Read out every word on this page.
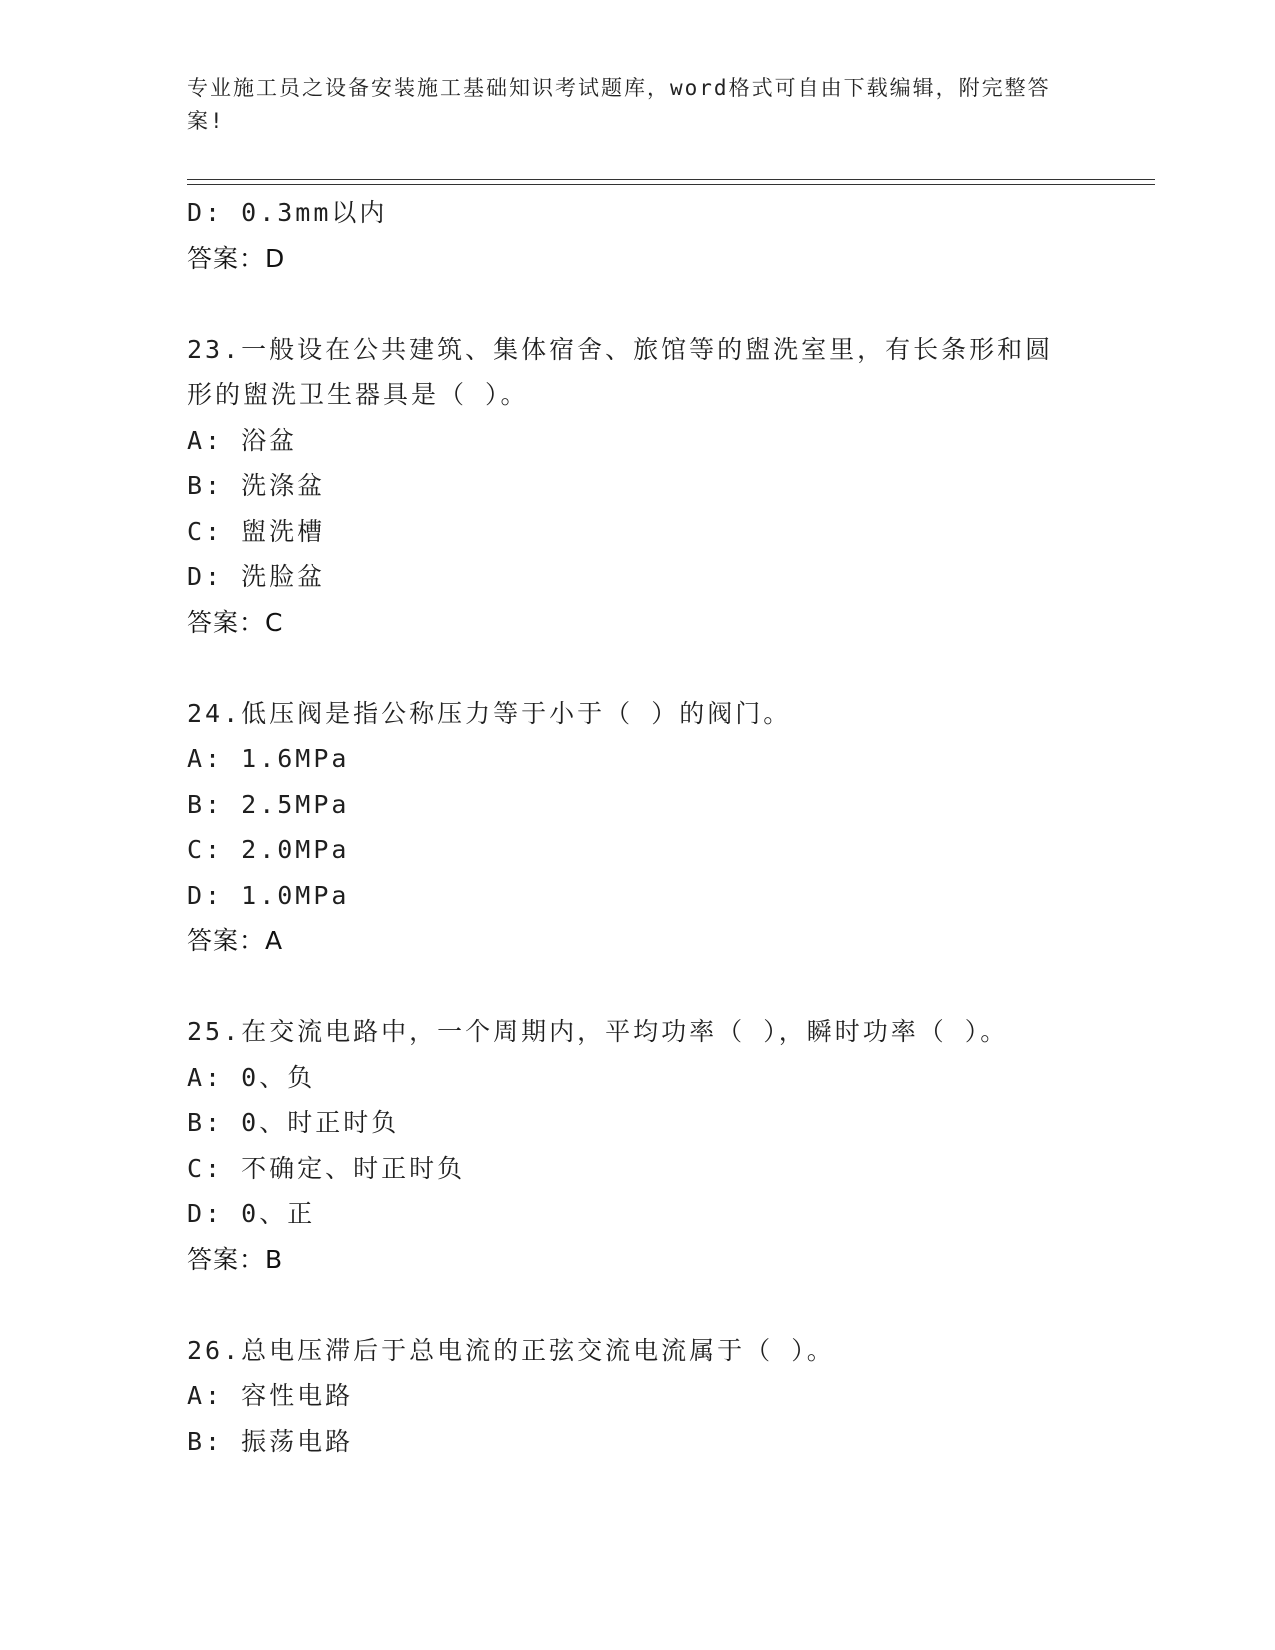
专业施工员之设备安装施工基础知识考试题库，word格式可自由下载编辑，附完整答案!
D: 0.3mm以内
答案：D
23.一般设在公共建筑、集体宿舍、旅馆等的盥洗室里，有长条形和圆
形的盥洗卫生器具是（ ）。
A: 浴盆
B: 洗涤盆
C: 盥洗槽
D: 洗脸盆
答案：C
24.低压阀是指公称压力等于小于（ ）的阀门。
A: 1.6MPa
B: 2.5MPa
C: 2.0MPa
D: 1.0MPa
答案：A
25.在交流电路中，一个周期内，平均功率（ ），瞬时功率（ ）。
A: 0、负
B: 0、时正时负
C: 不确定、时正时负
D: 0、正
答案：B
26.总电压滞后于总电流的正弦交流电流属于（ ）。
A: 容性电路
B: 振荡电路
